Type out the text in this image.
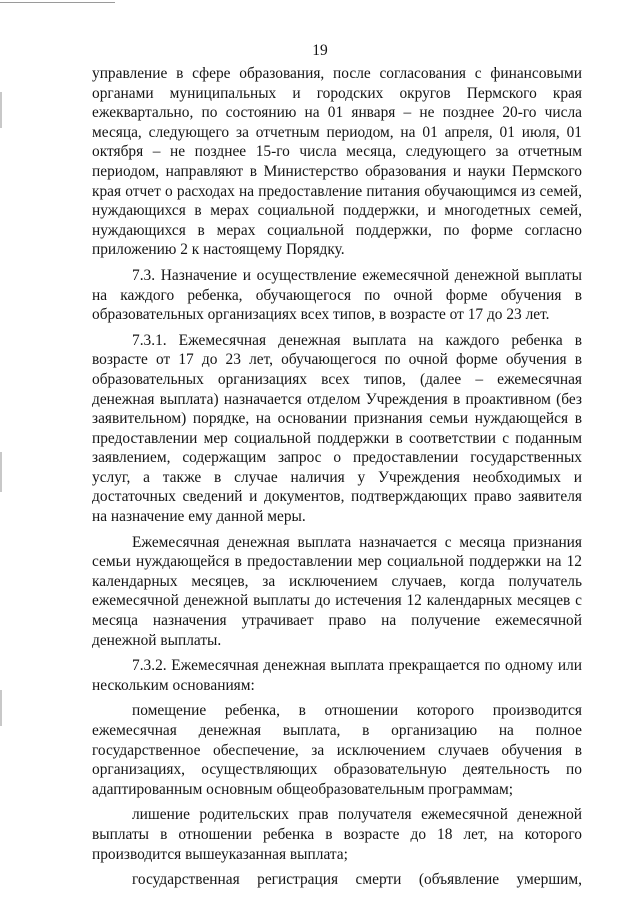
19

управление в сфере образования, после согласования с финансовыми органами муниципальных и городских округов Пермского края ежеквартально, по состоянию на 01 января – не позднее 20-го числа месяца, следующего за отчетным периодом, на 01 апреля, 01 июля, 01 октября – не позднее 15-го числа месяца, следующего за отчетным периодом, направляют в Министерство образования и науки Пермского края отчет о расходах на предоставление питания обучающимся из семей, нуждающихся в мерах социальной поддержки, и многодетных семей, нуждающихся в мерах социальной поддержки, по форме согласно приложению 2 к настоящему Порядку.

7.3. Назначение и осуществление ежемесячной денежной выплаты на каждого ребенка, обучающегося по очной форме обучения в образовательных организациях всех типов, в возрасте от 17 до 23 лет.

7.3.1. Ежемесячная денежная выплата на каждого ребенка в возрасте от 17 до 23 лет, обучающегося по очной форме обучения в образовательных организациях всех типов, (далее – ежемесячная денежная выплата) назначается отделом Учреждения в проактивном (без заявительном) порядке, на основании признания семьи нуждающейся в предоставлении мер социальной поддержки в соответствии с поданным заявлением, содержащим запрос о предоставлении государственных услуг, а также в случае наличия у Учреждения необходимых и достаточных сведений и документов, подтверждающих право заявителя на назначение ему данной меры.

Ежемесячная денежная выплата назначается с месяца признания семьи нуждающейся в предоставлении мер социальной поддержки на 12 календарных месяцев, за исключением случаев, когда получатель ежемесячной денежной выплаты до истечения 12 календарных месяцев с месяца назначения утрачивает право на получение ежемесячной денежной выплаты.

7.3.2. Ежемесячная денежная выплата прекращается по одному или нескольким основаниям:

помещение ребенка, в отношении которого производится ежемесячная денежная выплата, в организацию на полное государственное обеспечение, за исключением случаев обучения в организациях, осуществляющих образовательную деятельность по адаптированным основным общеобразовательным программам;

лишение родительских прав получателя ежемесячной денежной выплаты в отношении ребенка в возрасте до 18 лет, на которого производится вышеуказанная выплата;

государственная регистрация смерти (объявление умершим,
